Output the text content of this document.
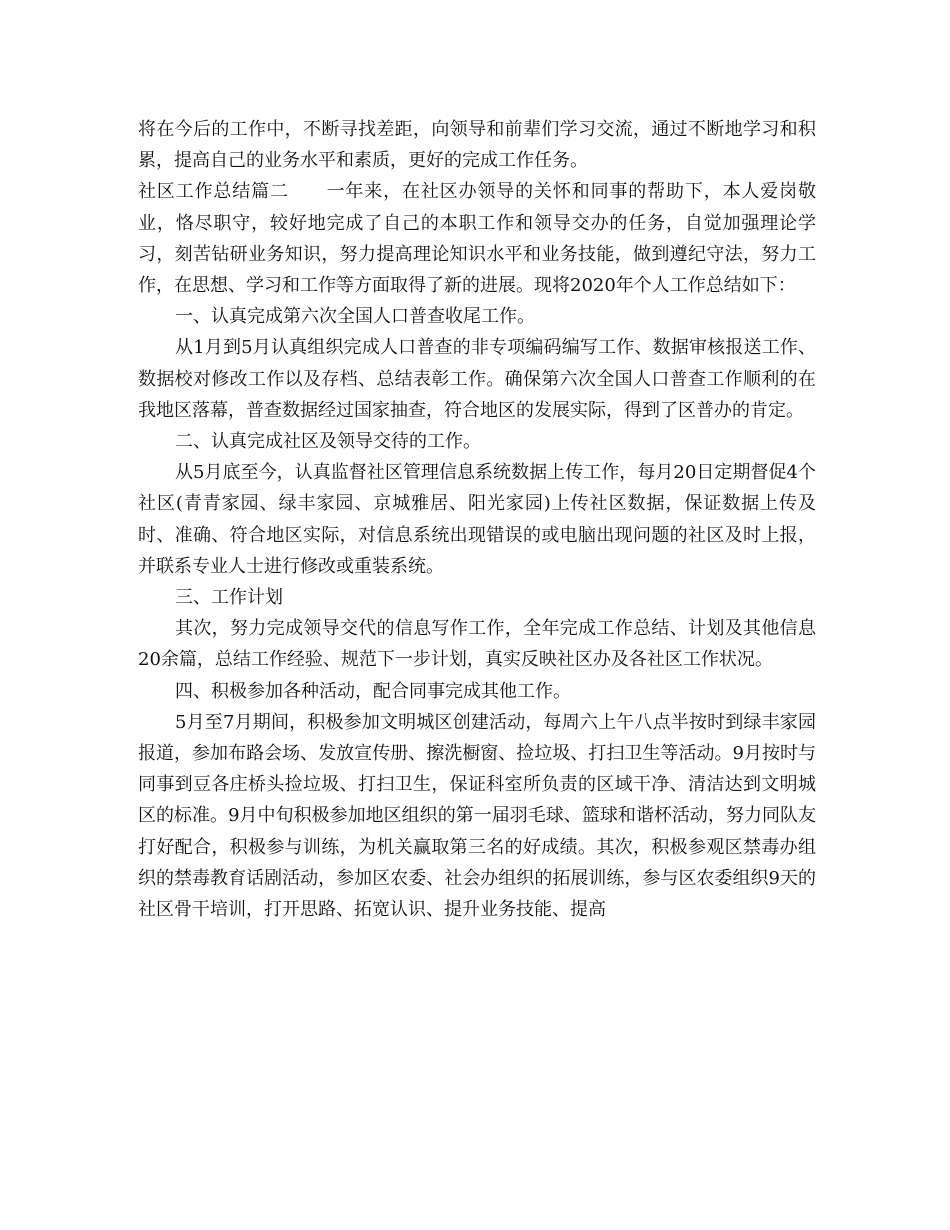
将在今后的工作中，不断寻找差距，向领导和前辈们学习交流，通过不断地学习和积累，提高自己的业务水平和素质，更好的完成工作任务。

社区工作总结篇二　　一年来，在社区办领导的关怀和同事的帮助下，本人爱岗敬业，恪尽职守，较好地完成了自己的本职工作和领导交办的任务，自觉加强理论学习，刻苦钻研业务知识，努力提高理论知识水平和业务技能，做到遵纪守法，努力工作，在思想、学习和工作等方面取得了新的进展。现将2020年个人工作总结如下：

一、认真完成第六次全国人口普查收尾工作。

从1月到5月认真组织完成人口普查的非专项编码编写工作、数据审核报送工作、数据校对修改工作以及存档、总结表彰工作。确保第六次全国人口普查工作顺利的在我地区落幕，普查数据经过国家抽查，符合地区的发展实际，得到了区普办的肯定。

二、认真完成社区及领导交待的工作。

从5月底至今，认真监督社区管理信息系统数据上传工作，每月20日定期督促4个社区(青青家园、绿丰家园、京城雅居、阳光家园)上传社区数据，保证数据上传及时、准确、符合地区实际，对信息系统出现错误的或电脑出现问题的社区及时上报，并联系专业人士进行修改或重装系统。

三、工作计划

其次，努力完成领导交代的信息写作工作，全年完成工作总结、计划及其他信息20余篇，总结工作经验、规范下一步计划，真实反映社区办及各社区工作状况。

四、积极参加各种活动，配合同事完成其他工作。

5月至7月期间，积极参加文明城区创建活动，每周六上午八点半按时到绿丰家园报道，参加布路会场、发放宣传册、擦洗橱窗、捡垃圾、打扫卫生等活动。9月按时与同事到豆各庄桥头捡垃圾、打扫卫生，保证科室所负责的区域干净、清洁达到文明城区的标准。9月中旬积极参加地区组织的第一届羽毛球、篮球和谐杯活动，努力同队友打好配合，积极参与训练，为机关赢取第三名的好成绩。其次，积极参观区禁毒办组织的禁毒教育话剧活动，参加区农委、社会办组织的拓展训练，参与区农委组织9天的社区骨干培训，打开思路、拓宽认识、提升业务技能、提高
